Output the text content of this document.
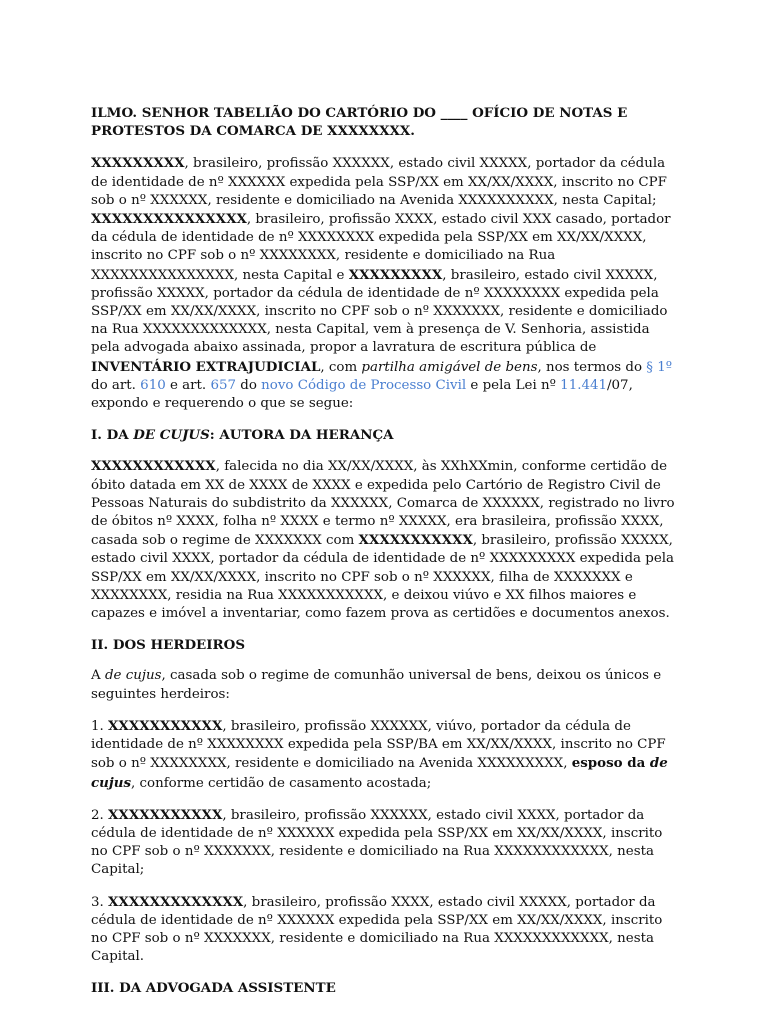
ILMO. SENHOR TABELIÃO DO CARTÓRIO DO ____ OFÍCIO DE NOTAS E PROTESTOS DA COMARCA DE XXXXXXXX.

XXXXXXXXX, brasileiro, profissão XXXXXX, estado civil XXXXX, portador da cédula de identidade de nº XXXXXX expedida pela SSP/XX em XX/XX/XXXX, inscrito no CPF sob o nº XXXXXX, residente e domiciliado na Avenida XXXXXXXXXX, nesta Capital;
XXXXXXXXXXXXXXX, brasileiro, profissão XXXX, estado civil XXX casado, portador da cédula de identidade de nº XXXXXXXX expedida pela SSP/XX em XX/XX/XXXX, inscrito no CPF sob o nº XXXXXXXX, residente e domiciliado na Rua XXXXXXXXXXXXXXX, nesta Capital e XXXXXXXXX, brasileiro, estado civil XXXXX, profissão XXXXX, portador da cédula de identidade de nº XXXXXXXX expedida pela SSP/XX em XX/XX/XXXX, inscrito no CPF sob o nº XXXXXXX, residente e domiciliado na Rua XXXXXXXXXXXXX, nesta Capital, vem à presença de V. Senhoria, assistida pela advogada abaixo assinada, propor a lavratura de escritura pública de INVENTÁRIO EXTRAJUDICIAL, com partilha amigável de bens, nos termos do § 1º do art. 610 e art. 657 do novo Código de Processo Civil e pela Lei nº 11.441/07, expondo e requerendo o que se segue:

I. DA DE CUJUS: AUTORA DA HERANÇA

XXXXXXXXXXXX, falecida no dia XX/XX/XXXX, às XXhXXmin, conforme certidão de óbito datada em XX de XXXX de XXXX e expedida pelo Cartório de Registro Civil de Pessoas Naturais do subdistrito da XXXXXX, Comarca de XXXXXX, registrado no livro de óbitos nº XXXX, folha nº XXXX e termo nº XXXXX, era brasileira, profissão XXXX, casada sob o regime de XXXXXXX com XXXXXXXXXXX, brasileiro, profissão XXXXX, estado civil XXXX, portador da cédula de identidade de nº XXXXXXXXX expedida pela SSP/XX em XX/XX/XXXX, inscrito no CPF sob o nº XXXXXX, filha de XXXXXXX e XXXXXXXX, residia na Rua XXXXXXXXXXX, e deixou viúvo e XX filhos maiores e capazes e imóvel a inventariar, como fazem prova as certidões e documentos anexos.

II. DOS HERDEIROS

A de cujus, casada sob o regime de comunhão universal de bens, deixou os únicos e seguintes herdeiros:

1. XXXXXXXXXXX, brasileiro, profissão XXXXXX, viúvo, portador da cédula de identidade de nº XXXXXXXX expedida pela SSP/BA em XX/XX/XXXX, inscrito no CPF sob o nº XXXXXXXX, residente e domiciliado na Avenida XXXXXXXXX, esposo da de cujus, conforme certidão de casamento acostada;

2. XXXXXXXXXXX, brasileiro, profissão XXXXXX, estado civil XXXX, portador da cédula de identidade de nº XXXXXX expedida pela SSP/XX em XX/XX/XXXX, inscrito no CPF sob o nº XXXXXXX, residente e domiciliado na Rua XXXXXXXXXXXX, nesta Capital;

3. XXXXXXXXXXXXX, brasileiro, profissão XXXX, estado civil XXXXX, portador da cédula de identidade de nº XXXXXX expedida pela SSP/XX em XX/XX/XXXX, inscrito no CPF sob o nº XXXXXXX, residente e domiciliado na Rua XXXXXXXXXXXX, nesta Capital.

III. DA ADVOGADA ASSISTENTE
